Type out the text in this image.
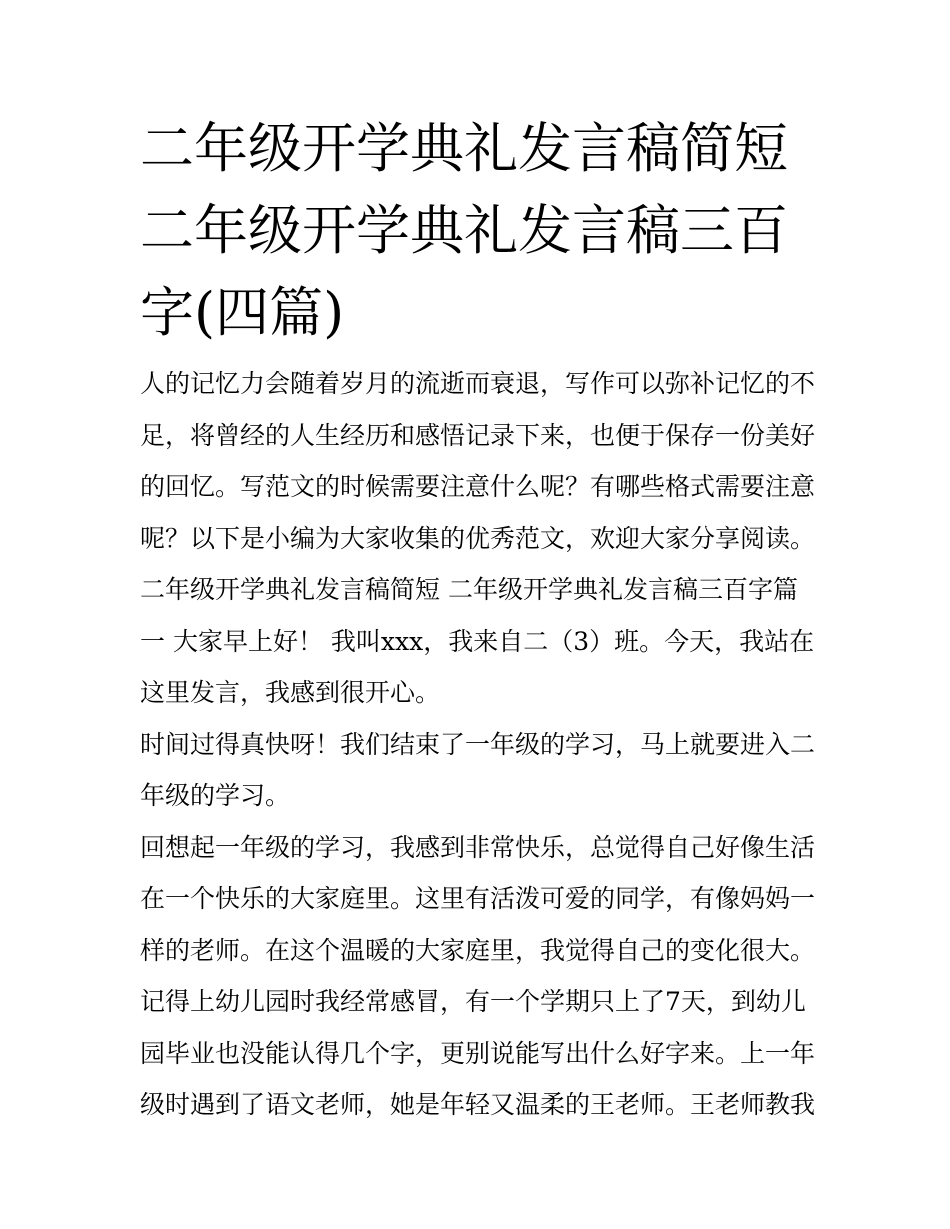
二年级开学典礼发言稿简短 二年级开学典礼发言稿三百字(四篇)

人的记忆力会随着岁月的流逝而衰退，写作可以弥补记忆的不足，将曾经的人生经历和感悟记录下来，也便于保存一份美好的回忆。写范文的时候需要注意什么呢？有哪些格式需要注意呢？以下是小编为大家收集的优秀范文，欢迎大家分享阅读。

二年级开学典礼发言稿简短 二年级开学典礼发言稿三百字篇一 大家早上好！ 我叫xxx，我来自二（3）班。今天，我站在这里发言，我感到很开心。

时间过得真快呀！我们结束了一年级的学习，马上就要进入二年级的学习。

回想起一年级的学习，我感到非常快乐，总觉得自己好像生活在一个快乐的大家庭里。这里有活泼可爱的同学，有像妈妈一样的老师。在这个温暖的大家庭里，我觉得自己的变化很大。记得上幼儿园时我经常感冒，有一个学期只上了7天，到幼儿园毕业也没能认得几个字，更别说能写出什么好字来。上一年级时遇到了语文老师，她是年轻又温柔的王老师。王老师教我
